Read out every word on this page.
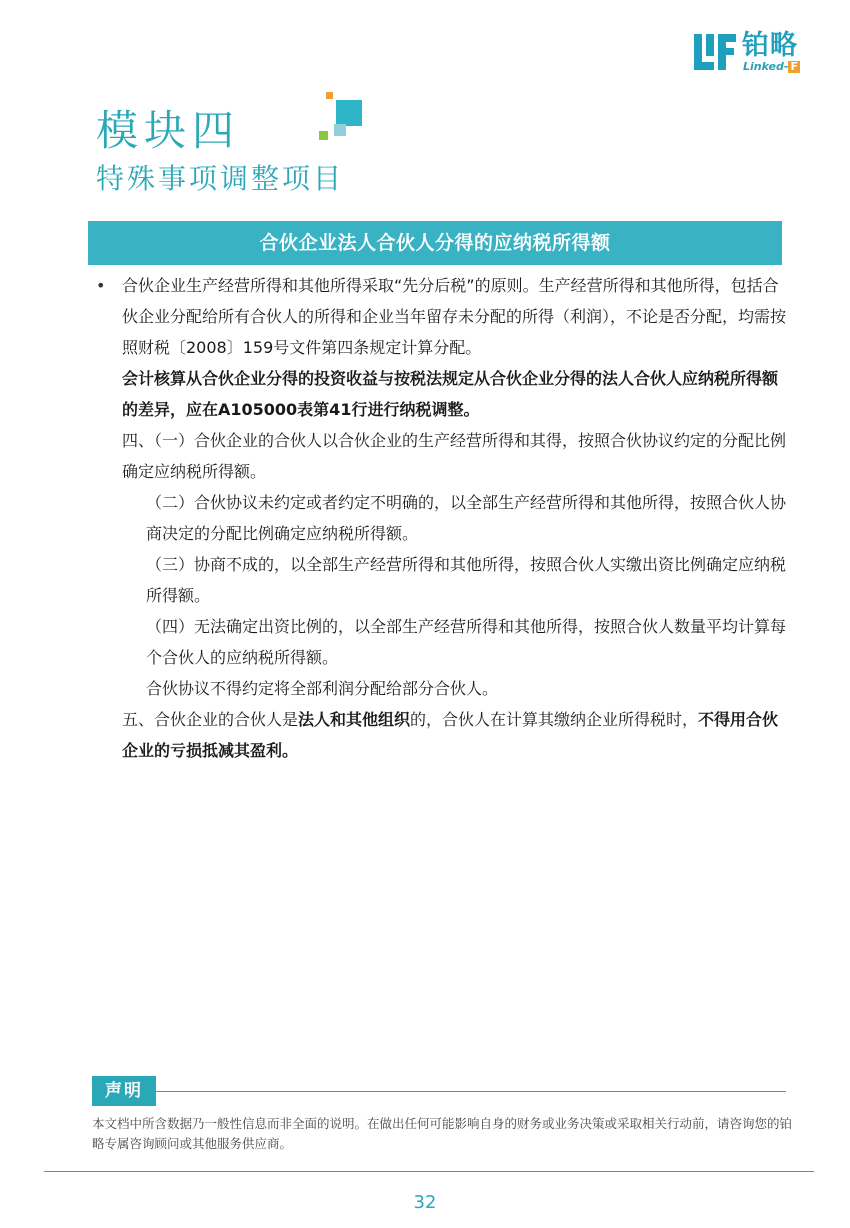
铂略
Linked- F
模块四
特殊事项调整项目
合伙企业法人合伙人分得的应纳税所得额
•	合伙企业生产经营所得和其他所得采取“先分后税”的原则。生产经营所得和其他所得，包括合伙企业分配给所有合伙人的所得和企业当年留存未分配的所得（利润），不论是否分配，均需按照财税〔2008〕159号文件第四条规定计算分配。

会计核算从合伙企业分得的投资收益与按税法规定从合伙企业分得的法人合伙人应纳税所得额的差异，应在A105000表第41行进行纳税调整。

四、（一）合伙企业的合伙人以合伙企业的生产经营所得和其得，按照合伙协议约定的分配比例确定应纳税所得额。

（二）合伙协议未约定或者约定不明确的，以全部生产经营所得和其他所得，按照合伙人协商决定的分配比例确定应纳税所得额。

（三）协商不成的，以全部生产经营所得和其他所得，按照合伙人实缴出资比例确定应纳税所得额。

（四）无法确定出资比例的，以全部生产经营所得和其他所得，按照合伙人数量平均计算每个合伙人的应纳税所得额。

合伙协议不得约定将全部利润分配给部分合伙人。

五、合伙企业的合伙人是法人和其他组织的，合伙人在计算其缴纳企业所得税时，不得用合伙企业的亏损抵减其盈利。

声明
本文档中所含数据乃一般性信息而非全面的说明。在做出任何可能影响自身的财务或业务决策或采取相关行动前，请咨询您的铂略专属咨询顾问或其他服务供应商。
32
